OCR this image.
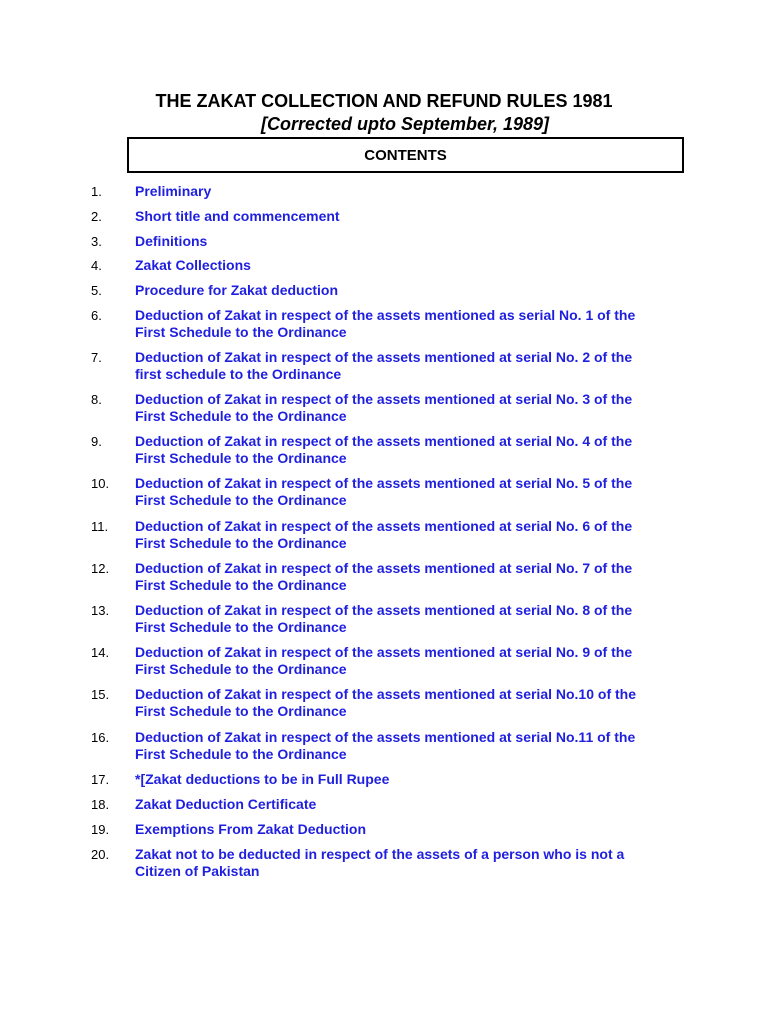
THE ZAKAT COLLECTION AND REFUND RULES 1981
[Corrected upto September, 1989]
CONTENTS
1. Preliminary
2. Short title and commencement
3. Definitions
4. Zakat Collections
5. Procedure for Zakat deduction
6. Deduction of Zakat in respect of the assets mentioned as serial No. 1 of the
First Schedule to the Ordinance
7. Deduction of Zakat in respect of the assets mentioned at serial No. 2 of the
first schedule to the Ordinance
8. Deduction of Zakat in respect of the assets mentioned at serial No. 3 of the
First Schedule to the Ordinance
9. Deduction of Zakat in respect of the assets mentioned at serial No. 4 of the
First Schedule to the Ordinance
10. Deduction of Zakat in respect of the assets mentioned at serial No. 5 of the
First Schedule to the Ordinance
11. Deduction of Zakat in respect of the assets mentioned at serial No. 6 of the
First Schedule to the Ordinance
12. Deduction of Zakat in respect of the assets mentioned at serial No. 7 of the
First Schedule to the Ordinance
13. Deduction of Zakat in respect of the assets mentioned at serial No. 8 of the
First Schedule to the Ordinance
14. Deduction of Zakat in respect of the assets mentioned at serial No. 9 of the
First Schedule to the Ordinance
15. Deduction of Zakat in respect of the assets mentioned at serial No.10 of the
First Schedule to the Ordinance
16. Deduction of Zakat in respect of the assets mentioned at serial No.11 of the
First Schedule to the Ordinance
17. *[Zakat deductions to be in Full Rupee
18. Zakat Deduction Certificate
19. Exemptions From Zakat Deduction
20. Zakat not to be deducted in respect of the assets of a person who is not a
Citizen of Pakistan
